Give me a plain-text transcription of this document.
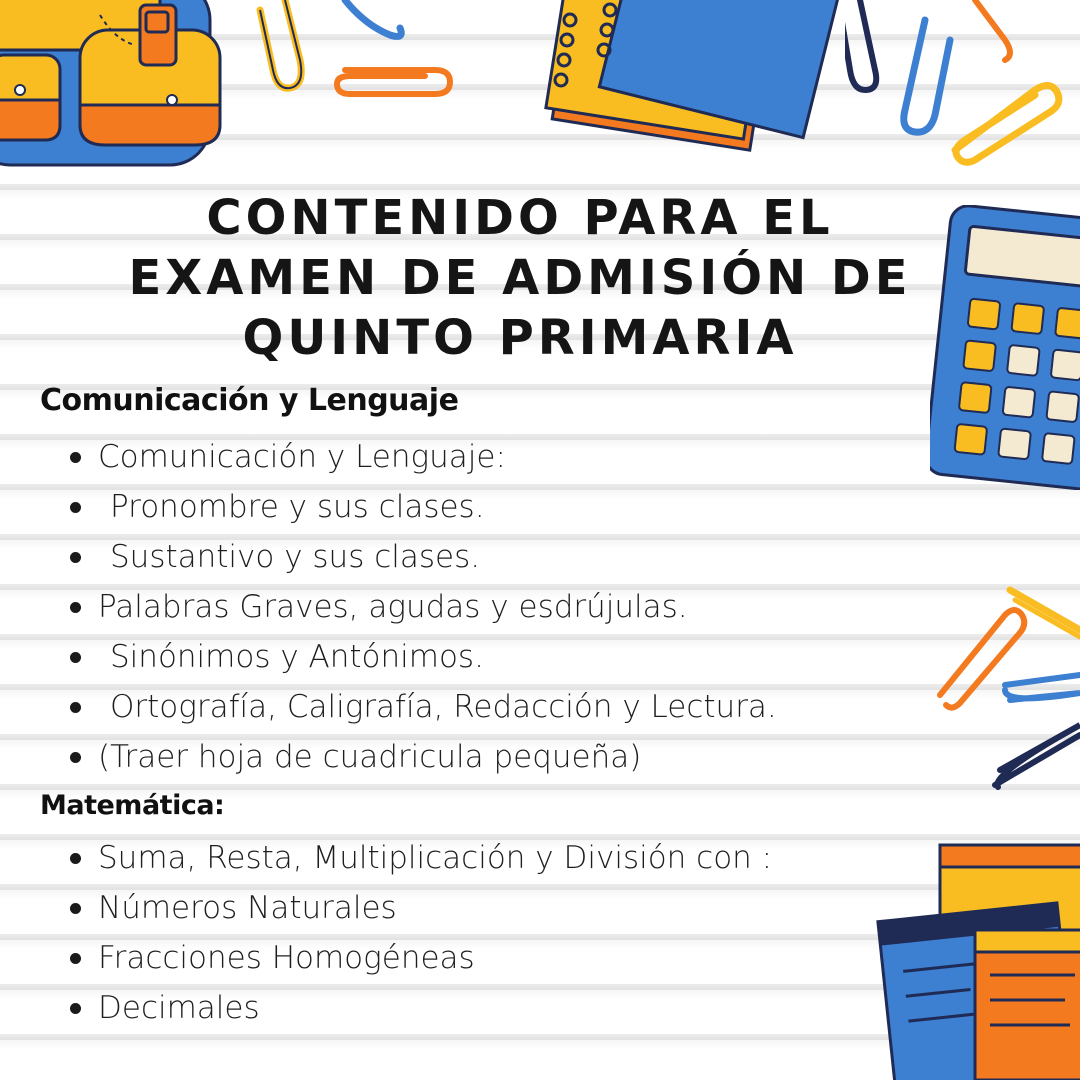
CONTENIDO PARA EL
EXAMEN DE ADMISIÓN DE
QUINTO PRIMARIA
Comunicación y Lenguaje
Comunicación y Lenguaje:
Pronombre y sus clases.
Sustantivo y sus clases.
Palabras Graves, agudas y esdrújulas.
Sinónimos y Antónimos.
Ortografía, Caligrafía, Redacción y Lectura.
(Traer hoja de cuadricula pequeña)
Matemática:
Suma, Resta, Multiplicación y División con :
Números Naturales
Fracciones Homogéneas
Decimales
